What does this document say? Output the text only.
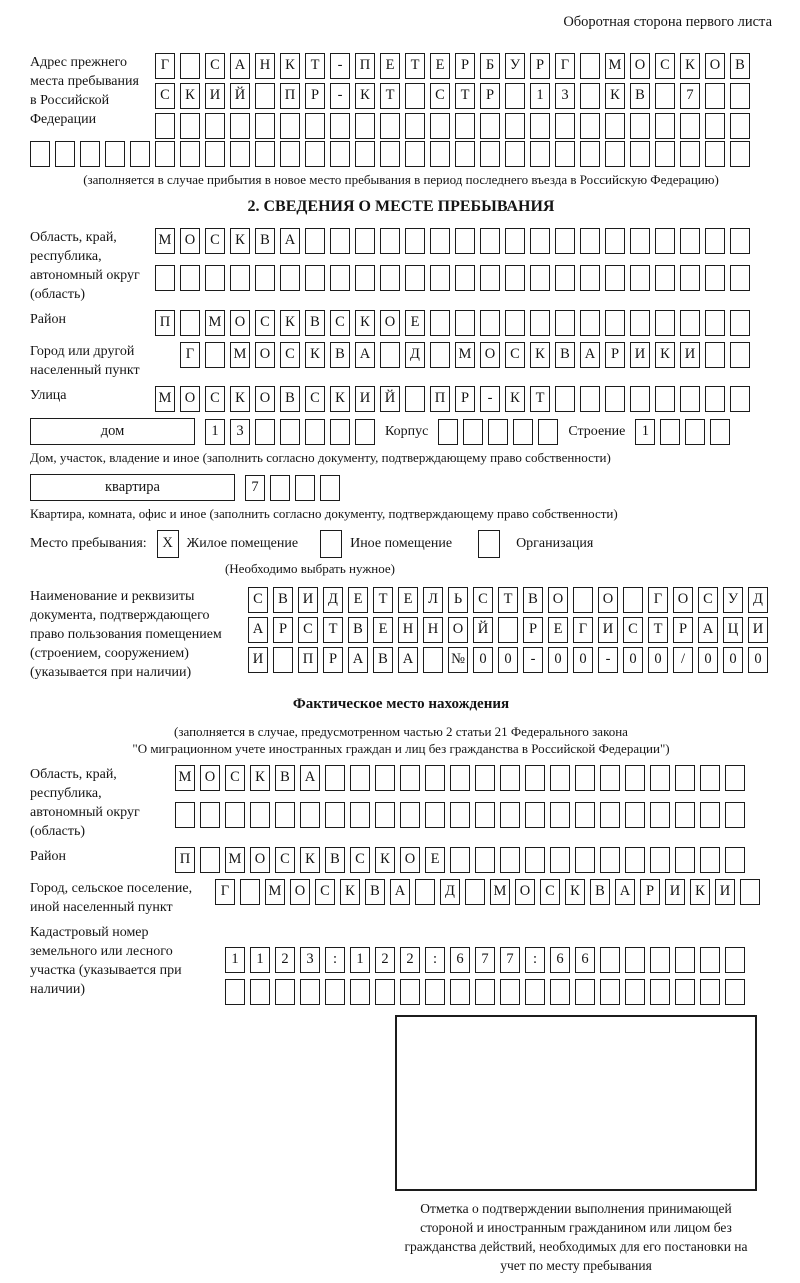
Оборотная сторона первого листа
Адрес прежнего места пребывания в Российской Федерации
Г	С	А	Н	К	Т	-	П	Е	Т	Е	Р	Б	У	Р	Г	М О	С	К	О	В
С	К	И	Й	П	Р	-	К	Т	С	Т	Р	1	3	К	В	7
(заполняется в случае прибытия в новое место пребывания в период последнего въезда в Российскую Федерацию)
2. СВЕДЕНИЯ О МЕСТЕ ПРЕБЫВАНИЯ
Область, край, республика, автономный округ (область)
М О	С	К	В	А
Район	П	М О	С	К	В	С	К	О	Е
Город или другой населенный пункт
Г	М О	С	К	В	А	Д	М О	С	К	В	А	Р	И	К	И
Улица	М О	С	К	О	В	С	К	И	Й	П	Р	-	К	Т
дом	1	3	Корпус	Строение	1
Дом, участок, владение и иное (заполнить согласно документу, подтверждающему право собственности)
квартира	7
Квартира, комната, офис и иное (заполнить согласно документу, подтверждающему право собственности)
Место пребывания:	X Жилое помещение	Иное помещение	Организация
(Необходимо выбрать нужное)
Наименование и реквизиты документа, подтверждающего право пользования помещением (строением, сооружением) (указывается при наличии)
С	В	И	Д	Е	Т	Е	Л	Ь	С	Т	В	О	О	Г	О	С	У	Д
А	Р	С	Т	В	Е	Н	Н	О	Й	Р	Е	Г	И	С	Т	Р	А	Ц	И
И	П	Р	А	В	А	№ 0	0	-	0	0	-	0	0	/	0	0	0
Фактическое место нахождения
(заполняется в случае, предусмотренном частью 2 статьи 21 Федерального закона
"О миграционном учете иностранных граждан и лиц без гражданства в Российской Федерации")
Область, край, республика, автономный округ (область)
М О	С	К	В	А
Район	П	М О	С	К	В	С	К	О	Е
Город, сельское поселение, иной населенный пункт
Г	М О	С	К	В	А	Д	М О	С	К	В	А	Р	И	К	И
Кадастровый номер земельного или лесного участка (указывается при наличии)
1	1	2	3	:	1	2	2	:	6	7	7	:	6	6
Отметка о подтверждении выполнения принимающей стороной и иностранным гражданином или лицом без гражданства действий, необходимых для его постановки на учет по месту пребывания
